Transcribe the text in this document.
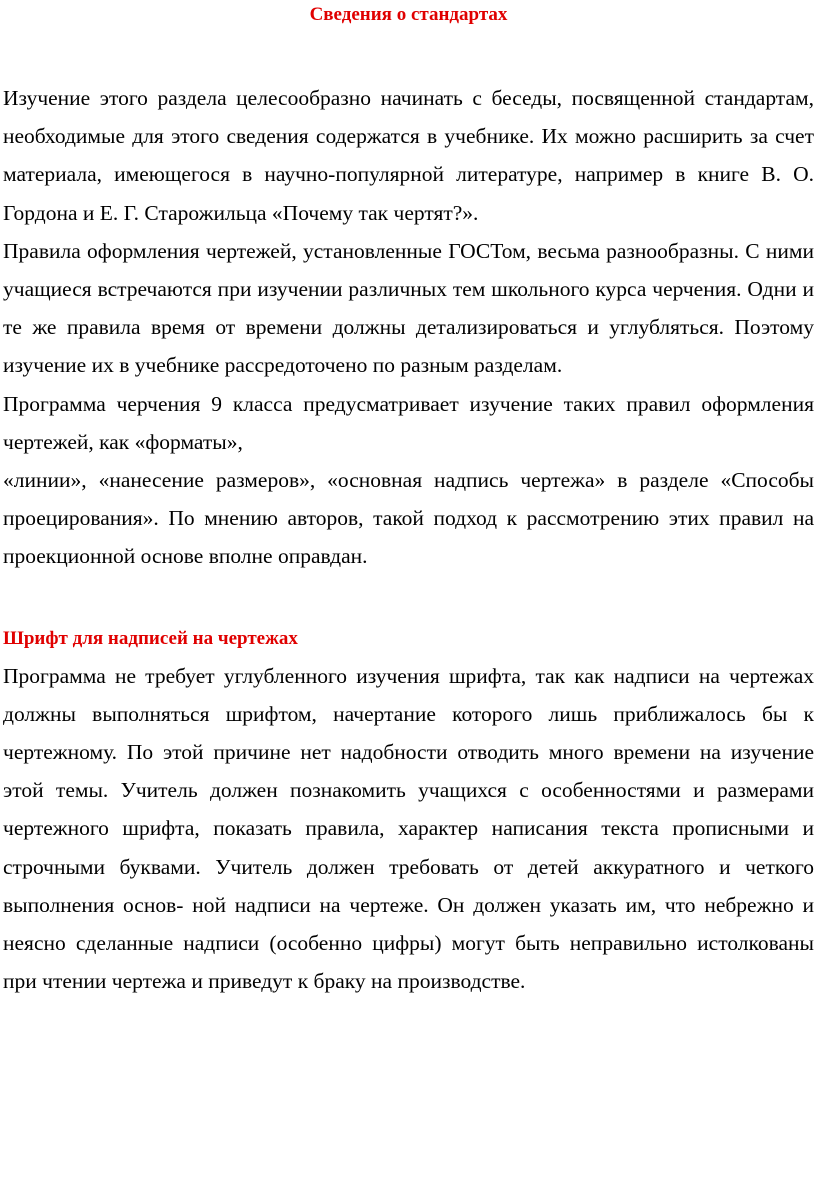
Сведения о стандартах

Изучение этого раздела целесообразно начинать с беседы, посвященной стандартам, необходимые для этого сведения содержатся в учебнике. Их можно расширить за счет материала, имеющегося в научно-популярной литературе, например в книге В. О. Гордона и Е. Г. Старожильца «Почему так чертят?».

Правила оформления чертежей, установленные ГОСТом, весьма разнообразны. С ними учащиеся встречаются при изучении различных тем школьного курса черчения. Одни и те же правила время от времени должны детализироваться и углубляться. Поэтому изучение их в учебнике рассредоточено по разным разделам.

Программа черчения 9 класса предусматривает изучение таких правил оформления чертежей, как «форматы»,

«линии», «нанесение размеров», «основная надпись чертежа» в разделе «Способы проецирования». По мнению авторов, такой подход к рассмотрению этих правил на проекционной основе вполне оправдан.

Шрифт для надписей на чертежах

Программа не требует углубленного изучения шрифта, так как надписи на чертежах должны выполняться шрифтом, начертание которого лишь приближалось бы к чертежному. По этой причине нет надобности отводить много времени на изучение этой темы. Учитель должен познакомить учащихся с особенностями и размерами чертежного шрифта, показать правила, характер написания текста прописными и строчными буквами. Учитель должен требовать от детей аккуратного и четкого выполнения основ- ной надписи на чертеже. Он должен указать им, что небрежно и неясно сделанные надписи (особенно цифры) могут быть неправильно истолкованы при чтении чертежа и приведут к браку на производстве.
